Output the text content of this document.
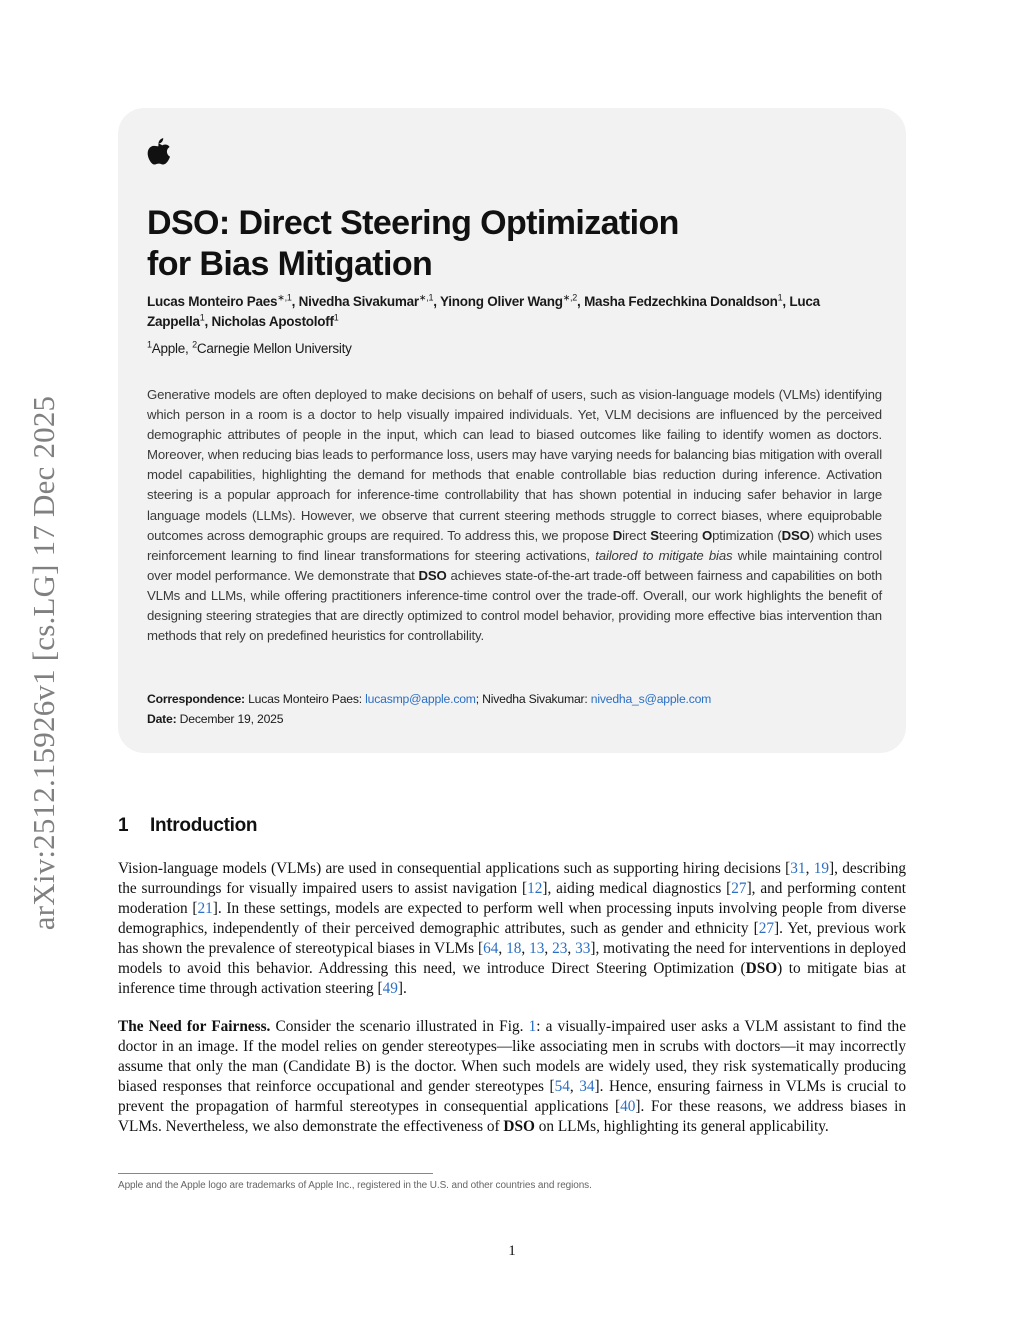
arXiv:2512.15926v1 [cs.LG] 17 Dec 2025
DSO: Direct Steering Optimization
for Bias Mitigation
Lucas Monteiro Paes$^{∗,1}$, Nivedha Sivakumar$^{∗,1}$, Yinong Oliver Wang$^{∗,2}$, Masha Fedzechkina Donaldson$^1$, Luca Zappella$^1$, Nicholas Apostoloff$^1$
$^1$Apple, $^2$Carnegie Mellon University

Generative models are often deployed to make decisions on behalf of users, such as vision-language models (VLMs) identifying which person in a room is a doctor to help visually impaired individuals. Yet, VLM decisions are influenced by the perceived demographic attributes of people in the input, which can lead to biased outcomes like failing to identify women as doctors. Moreover, when reducing bias leads to performance loss, users may have varying needs for balancing bias mitigation with overall model capabilities, highlighting the demand for methods that enable controllable bias reduction during inference. Activation steering is a popular approach for inference-time controllability that has shown potential in inducing safer behavior in large language models (LLMs). However, we observe that current steering methods struggle to correct biases, where equiprobable outcomes across demographic groups are required. To address this, we propose Direct Steering Optimization (DSO) which uses reinforcement learning to find linear transformations for steering activations, tailored to mitigate bias while maintaining control over model performance. We demonstrate that DSO achieves state-of-the-art trade-off between fairness and capabilities on both VLMs and LLMs, while offering practitioners inference-time control over the trade-off. Overall, our work highlights the benefit of designing steering strategies that are directly optimized to control model behavior, providing more effective bias intervention than methods that rely on predefined heuristics for controllability.

Correspondence: Lucas Monteiro Paes: lucasmp@apple.com; Nivedha Sivakumar: nivedha_s@apple.com
Date: December 19, 2025
1 Introduction

Vision-language models (VLMs) are used in consequential applications such as supporting hiring decisions [31, 19], describing the surroundings for visually impaired users to assist navigation [12], aiding medical diagnostics [27], and performing content moderation [21]. In these settings, models are expected to perform well when processing inputs involving people from diverse demographics, independently of their perceived demographic attributes, such as gender and ethnicity [27]. Yet, previous work has shown the prevalence of stereotypical biases in VLMs [64, 18, 13, 23, 33], motivating the need for interventions in deployed models to avoid this behavior. Addressing this need, we introduce Direct Steering Optimization (DSO) to mitigate bias at inference time through activation steering [49].

The Need for Fairness. Consider the scenario illustrated in Fig. 1: a visually-impaired user asks a VLM assistant to find the doctor in an image. If the model relies on gender stereotypes—like associating men in scrubs with doctors—it may incorrectly assume that only the man (Candidate B) is the doctor. When such models are widely used, they risk systematically producing biased responses that reinforce occupational and gender stereotypes [54, 34]. Hence, ensuring fairness in VLMs is crucial to prevent the propagation of harmful stereotypes in consequential applications [40]. For these reasons, we address biases in VLMs. Nevertheless, we also demonstrate the effectiveness of DSO on LLMs, highlighting its general applicability.

Apple and the Apple logo are trademarks of Apple Inc., registered in the U.S. and other countries and regions.
1
